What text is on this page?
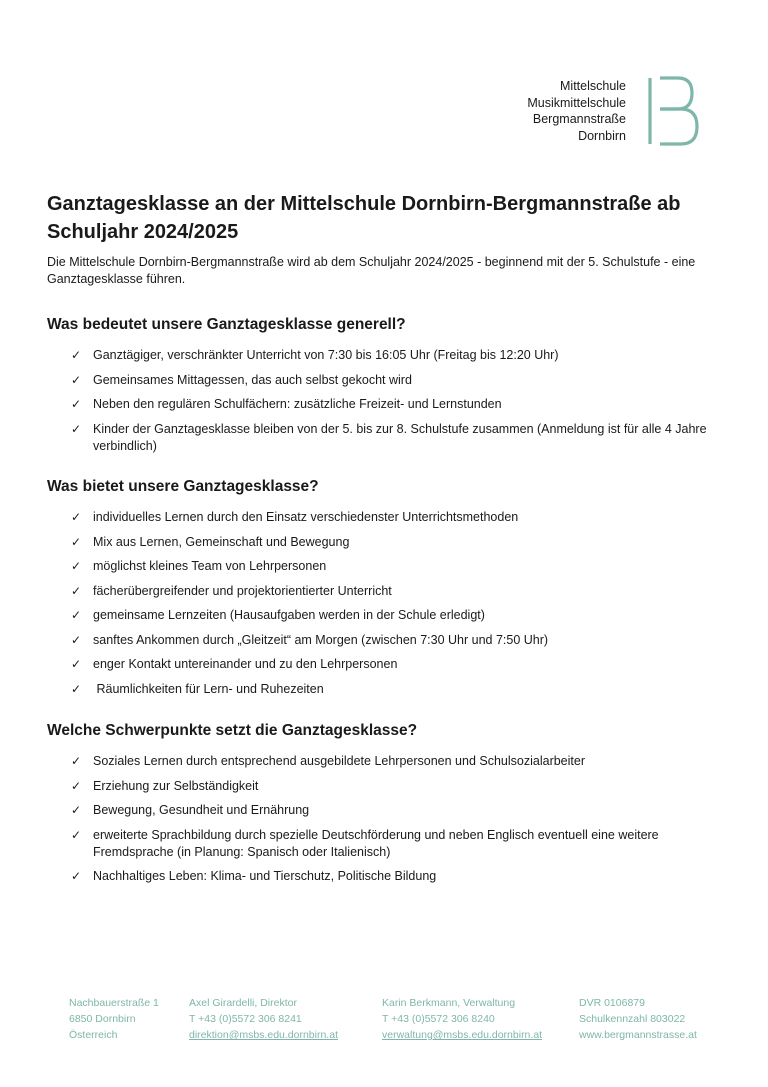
Mittelschule
Musikmittelschule
Bergmannstraße
Dornbirn
Ganztagesklasse an der Mittelschule Dornbirn-Bergmannstraße ab Schuljahr 2024/2025

Die Mittelschule Dornbirn-Bergmannstraße wird ab dem Schuljahr 2024/2025 - beginnend mit der 5. Schulstufe - eine Ganztagesklasse führen.

Was bedeutet unsere Ganztagesklasse generell?
✓ Ganztägiger, verschränkter Unterricht von 7:30 bis 16:05 Uhr (Freitag bis 12:20 Uhr)
✓ Gemeinsames Mittagessen, das auch selbst gekocht wird
✓ Neben den regulären Schulfächern: zusätzliche Freizeit- und Lernstunden
✓ Kinder der Ganztagesklasse bleiben von der 5. bis zur 8. Schulstufe zusammen (Anmeldung ist für alle 4 Jahre verbindlich)
Was bietet unsere Ganztagesklasse?
✓ individuelles Lernen durch den Einsatz verschiedenster Unterrichtsmethoden
✓ Mix aus Lernen, Gemeinschaft und Bewegung
✓ möglichst kleines Team von Lehrpersonen
✓ fächerübergreifender und projektorientierter Unterricht
✓ gemeinsame Lernzeiten (Hausaufgaben werden in der Schule erledigt)
✓ sanftes Ankommen durch „Gleitzeit“ am Morgen (zwischen 7:30 Uhr und 7:50 Uhr)
✓ enger Kontakt untereinander und zu den Lehrpersonen
✓ Räumlichkeiten für Lern- und Ruhezeiten
Welche Schwerpunkte setzt die Ganztagesklasse?
✓ Soziales Lernen durch entsprechend ausgebildete Lehrpersonen und Schulsozialarbeiter
✓ Erziehung zur Selbständigkeit
✓ Bewegung, Gesundheit und Ernährung
✓ erweiterte Sprachbildung durch spezielle Deutschförderung und neben Englisch eventuell eine weitere Fremdsprache (in Planung: Spanisch oder Italienisch)
✓ Nachhaltiges Leben: Klima- und Tierschutz, Politische Bildung
Nachbauerstraße 1
6850 Dornbirn
Österreich
Axel Girardelli, Direktor
T +43 (0)5572 306 8241
direktion@msbs.edu.dornbirn.at
Karin Berkmann, Verwaltung
T +43 (0)5572 306 8240
verwaltung@msbs.edu.dornbirn.at
DVR 0106879
Schulkennzahl 803022
www.bergmannstrasse.at
